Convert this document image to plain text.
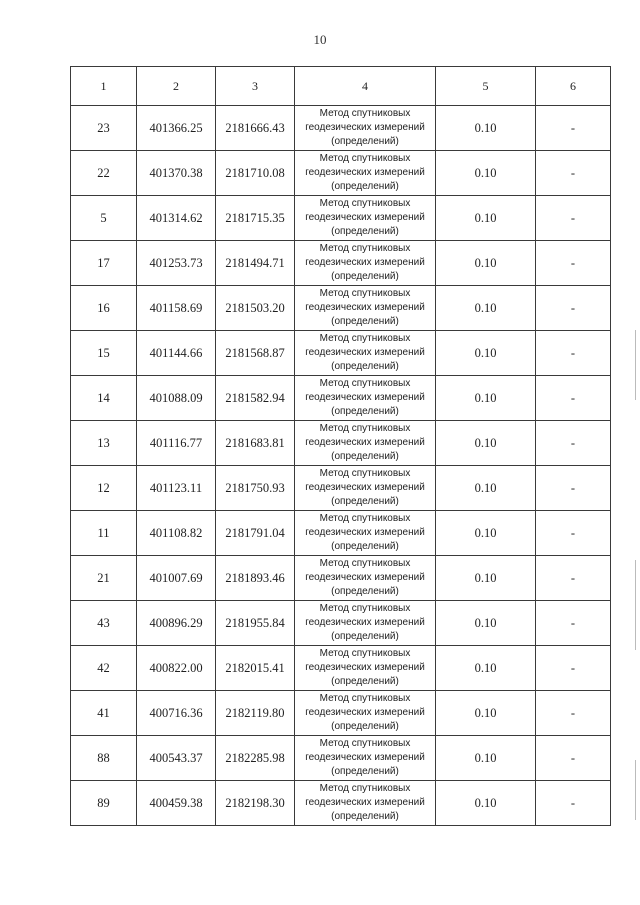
10
1	2	3	4	5	6
23	401366.25	2181666.43	Метод спутниковых геодезических измерений (определений)	0.10	-
22	401370.38	2181710.08	Метод спутниковых геодезических измерений (определений)	0.10	-
5	401314.62	2181715.35	Метод спутниковых геодезических измерений (определений)	0.10	-
17	401253.73	2181494.71	Метод спутниковых геодезических измерений (определений)	0.10	-
16	401158.69	2181503.20	Метод спутниковых геодезических измерений (определений)	0.10	-
15	401144.66	2181568.87	Метод спутниковых геодезических измерений (определений)	0.10	-
14	401088.09	2181582.94	Метод спутниковых геодезических измерений (определений)	0.10	-
13	401116.77	2181683.81	Метод спутниковых геодезических измерений (определений)	0.10	-
12	401123.11	2181750.93	Метод спутниковых геодезических измерений (определений)	0.10	-
11	401108.82	2181791.04	Метод спутниковых геодезических измерений (определений)	0.10	-
21	401007.69	2181893.46	Метод спутниковых геодезических измерений (определений)	0.10	-
43	400896.29	2181955.84	Метод спутниковых геодезических измерений (определений)	0.10	-
42	400822.00	2182015.41	Метод спутниковых геодезических измерений (определений)	0.10	-
41	400716.36	2182119.80	Метод спутниковых геодезических измерений (определений)	0.10	-
88	400543.37	2182285.98	Метод спутниковых геодезических измерений (определений)	0.10	-
89	400459.38	2182198.30	Метод спутниковых геодезических измерений (определений)	0.10	-
